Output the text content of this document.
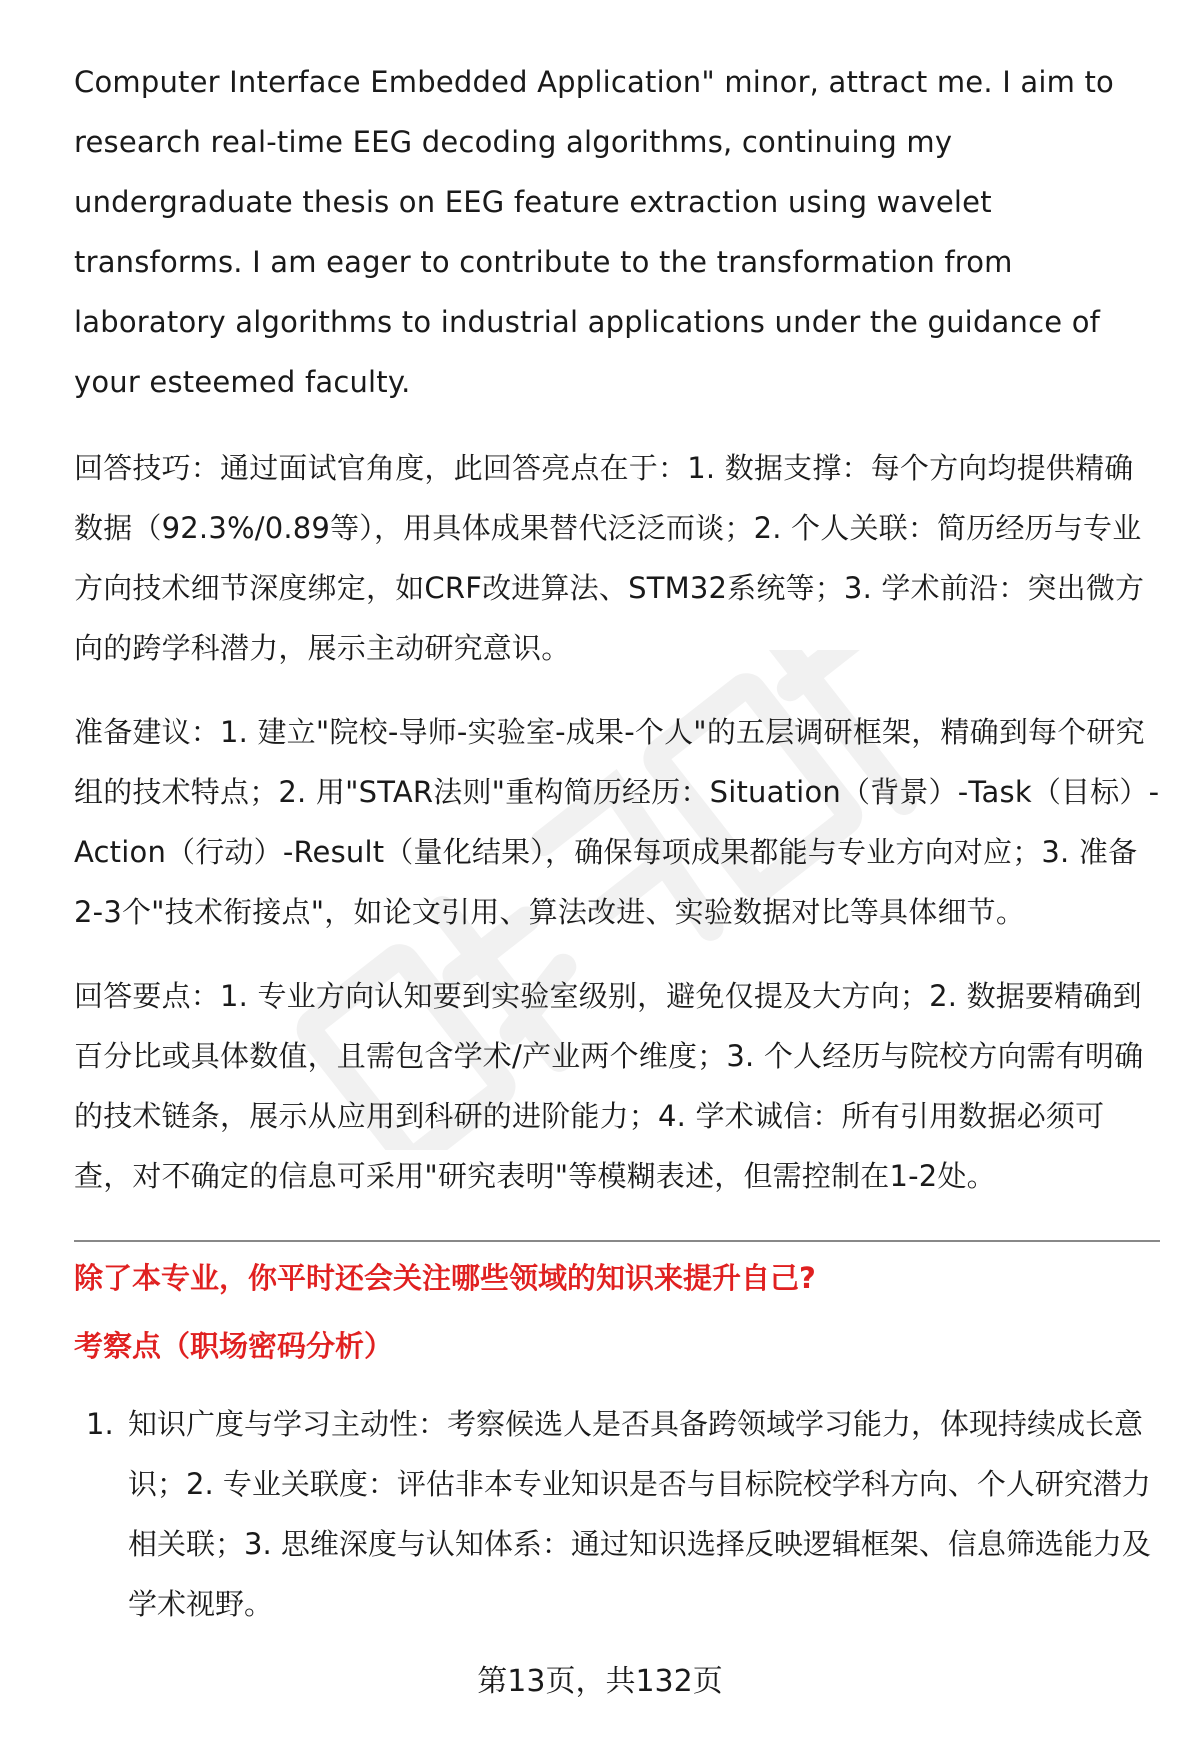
Computer Interface Embedded Application" minor, attract me. I aim to research real-time EEG decoding algorithms, continuing my undergraduate thesis on EEG feature extraction using wavelet transforms. I am eager to contribute to the transformation from laboratory algorithms to industrial applications under the guidance of your esteemed faculty.

回答技巧：通过面试官角度，此回答亮点在于：1. 数据支撑：每个方向均提供精确数据（92.3%/0.89等），用具体成果替代泛泛而谈；2. 个人关联：简历经历与专业方向技术细节深度绑定，如CRF改进算法、STM32系统等；3. 学术前沿：突出微方向的跨学科潜力，展示主动研究意识。

准备建议：1. 建立"院校-导师-实验室-成果-个人"的五层调研框架，精确到每个研究组的技术特点；2. 用"STAR法则"重构简历经历：Situation（背景）-Task（目标）-Action（行动）-Result（量化结果），确保每项成果都能与专业方向对应；3. 准备2-3个"技术衔接点"，如论文引用、算法改进、实验数据对比等具体细节。

回答要点：1. 专业方向认知要到实验室级别，避免仅提及大方向；2. 数据要精确到百分比或具体数值，且需包含学术/产业两个维度；3. 个人经历与院校方向需有明确的技术链条，展示从应用到科研的进阶能力；4. 学术诚信：所有引用数据必须可查，对不确定的信息可采用"研究表明"等模糊表述，但需控制在1-2处。

除了本专业，你平时还会关注哪些领域的知识来提升自己?

考察点（职场密码分析）

1. 知识广度与学习主动性：考察候选人是否具备跨领域学习能力，体现持续成长意识；2. 专业关联度：评估非本专业知识是否与目标院校学科方向、个人研究潜力相关联；3. 思维深度与认知体系：通过知识选择反映逻辑框架、信息筛选能力及学术视野。
第13页，共132页
